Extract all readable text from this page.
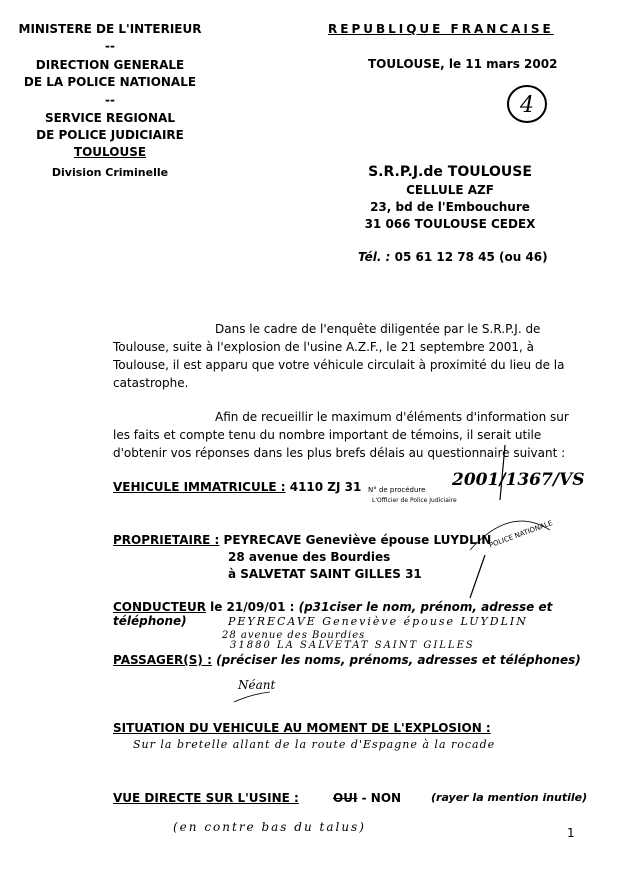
MINISTERE DE L'INTERIEUR
--
DIRECTION GENERALE
DE LA POLICE NATIONALE
--
SERVICE REGIONAL
DE POLICE JUDICIAIRE
TOULOUSE
Division Criminelle
REPUBLIQUE FRANCAISE
TOULOUSE, le 11 mars 2002
4
S.R.P.J.de TOULOUSE
CELLULE AZF
23, bd de l'Embouchure
31 066 TOULOUSE CEDEX
Tél. : 05 61 12 78 45 (ou 46)
Dans le cadre de l'enquête diligentée par le S.R.P.J. de
Toulouse, suite à l'explosion de l'usine A.Z.F., le 21 septembre 2001, à
Toulouse, il est apparu que votre véhicule circulait à proximité du lieu de la
catastrophe.
Afin de recueillir le maximum d'éléments d'information sur
les faits et compte tenu du nombre important de témoins, il serait utile
d'obtenir vos réponses dans les plus brefs délais au questionnaire suivant :
VEHICULE IMMATRICULE : 4110 ZJ 31 N° de procédure
L'Officier de Police Judiciaire
2001/1367/VS
POLICE NATIONALE
PROPRIETAIRE : PEYRECAVE Geneviève épouse LUYDLIN
28 avenue des Bourdies
à SALVETAT SAINT GILLES 31
CONDUCTEUR le 21/09/01 : (p31ciser le nom, prénom, adresse et téléphone)	PEYRECAVE Geneviève épouse LUYDLIN
28 avenue des Bourdies
31880 LA SALVETAT SAINT GILLES
PASSAGER(S) : (préciser les noms, prénoms, adresses et téléphones)
Néant
SITUATION DU VEHICULE AU MOMENT DE L'EXPLOSION :
Sur la bretelle allant de la route d'Espagne à la rocade
VUE DIRECTE SUR L'USINE :	OUI - NON	(rayer la mention inutile)
(en contre bas du talus)	1
